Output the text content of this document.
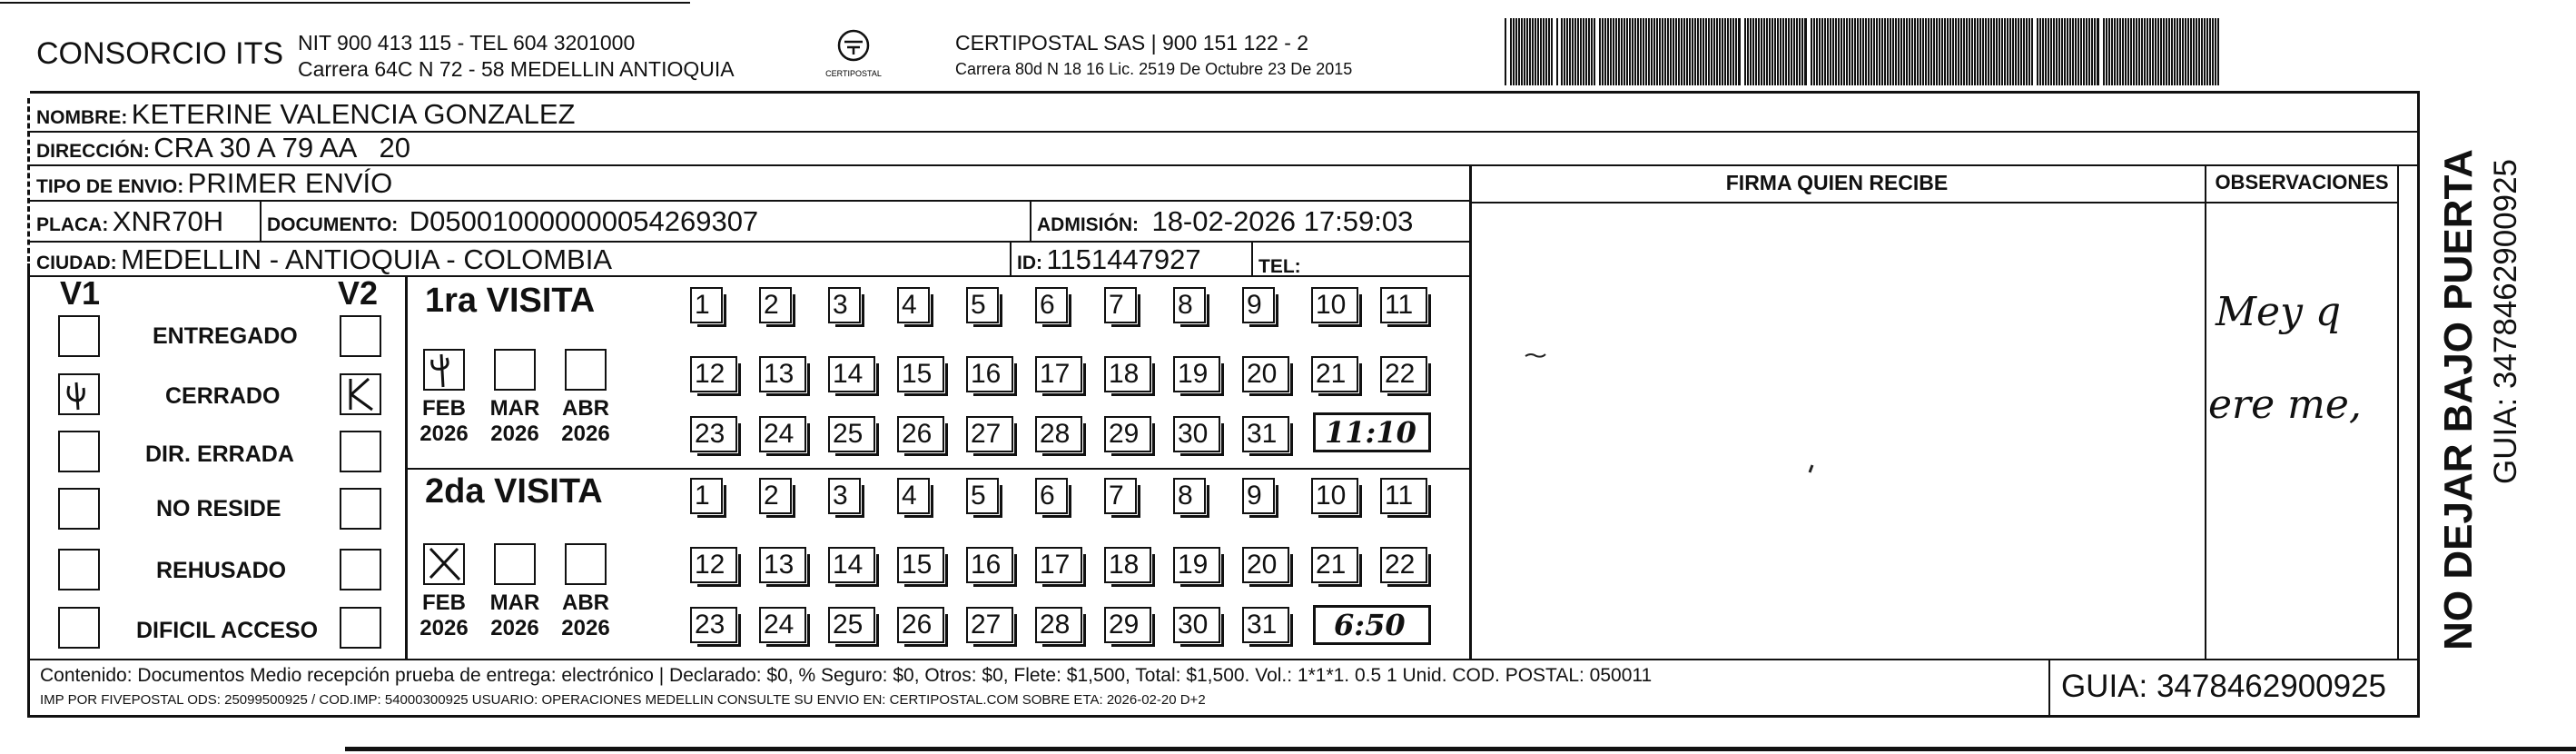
CONSORCIO ITS NIT 900 413 115 - TEL 604 3201000
Carrera 64C N 72 - 58 MEDELLIN ANTIOQUIA	CERTIPOSTAL
CERTIPOSTAL SAS | 900 151 122 - 2
Carrera 80d N 18 16 Lic. 2519 De Octubre 23 De 2015
NOMBRE: KETERINE VALENCIA GONZALEZ
DIRECCIÓN: CRA 30 A 79 AA   20
TIPO DE ENVIO: PRIMER ENVÍO
PLACA: XNR70H DOCUMENTO: D050010000000054269307	ADMISIÓN: 18-02-2026 17:59:03
CIUDAD: MEDELLIN - ANTIOQUIA - COLOMBIA	ID: 1151447927	TEL:
FIRMA QUIEN RECIBE	OBSERVACIONES
Mey q
ere me,
V1	V2
ENTREGADO
CERRADO
DIR. ERRADA
NO RESIDE
REHUSADO
DIFICIL ACCESO
1ra VISITA
FEB
2026
MAR
2026
ABR
2026
1	2	3	4	5	6	7	8	9	10	11
12	13	14	15	16	17	18	19	20	21	22
23	24	25	26	27	28	29	30	31	11:10
2da VISITA
FEB
2026
MAR
2026
ABR
2026
1	2	3	4	5	6	7	8	9	10	11
12	13	14	15	16	17	18	19	20	21	22
23	24	25	26	27	28	29	30	31	6:50
Contenido: Documentos Medio recepción prueba de entrega: electrónico | Declarado: $0, % Seguro: $0, Otros: $0, Flete: $1,500, Total: $1,500. Vol.: 1*1*1. 0.5 1 Unid. COD. POSTAL: 050011
IMP POR FIVEPOSTAL ODS: 25099500925 / COD.IMP: 54000300925 USUARIO: OPERACIONES MEDELLIN CONSULTE SU ENVIO EN: CERTIPOSTAL.COM SOBRE ETA: 2026-02-20 D+2	GUIA: 3478462900925
NO DEJAR BAJO PUERTA GUIA: 3478462900925
